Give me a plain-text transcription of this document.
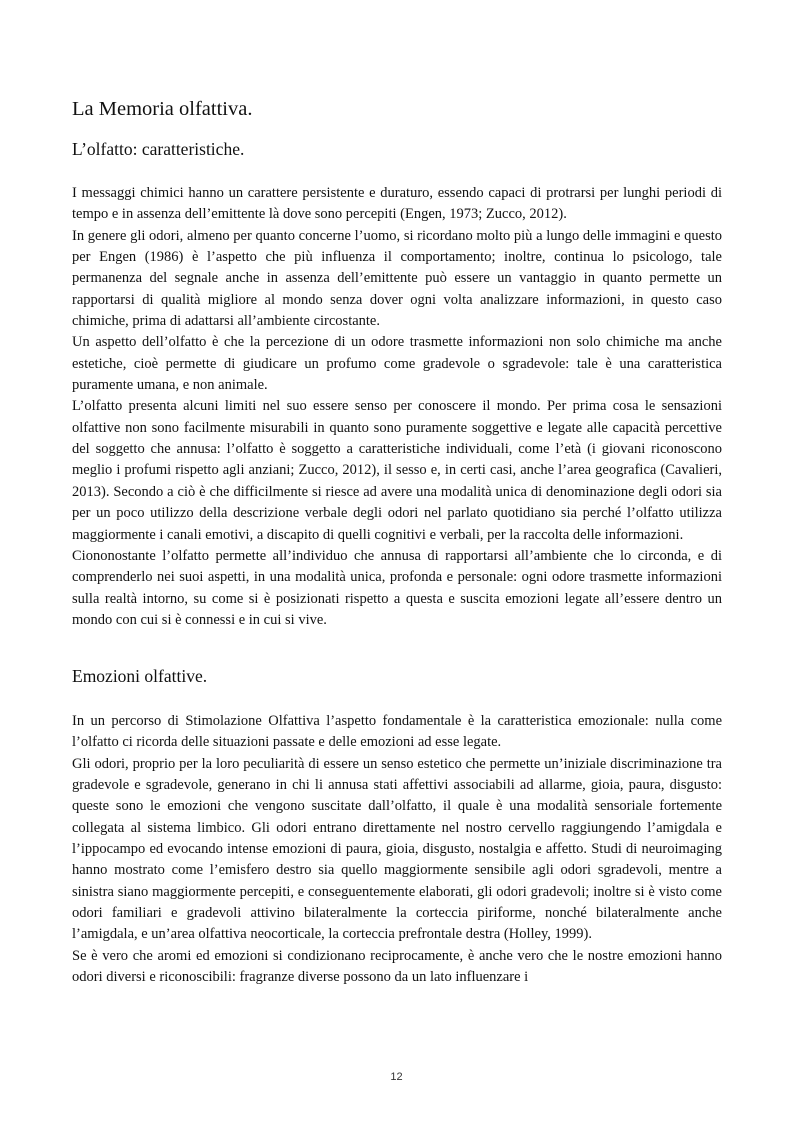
La Memoria olfattiva.
L’olfatto: caratteristiche.

I messaggi chimici hanno un carattere persistente e duraturo, essendo capaci di protrarsi per lunghi periodi di tempo e in assenza dell’emittente là dove sono percepiti (Engen, 1973; Zucco, 2012).

In genere gli odori, almeno per quanto concerne l’uomo, si ricordano molto più a lungo delle immagini e questo per Engen (1986) è l’aspetto che più influenza il comportamento; inoltre, continua lo psicologo, tale permanenza del segnale anche in assenza dell’emittente può essere un vantaggio in quanto permette un rapportarsi di qualità migliore al mondo senza dover ogni volta analizzare informazioni, in questo caso chimiche, prima di adattarsi all’ambiente circostante.

Un aspetto dell’olfatto è che la percezione di un odore trasmette informazioni non solo chimiche ma anche estetiche, cioè permette di giudicare un profumo come gradevole o sgradevole: tale è una caratteristica puramente umana, e non animale.

L’olfatto presenta alcuni limiti nel suo essere senso per conoscere il mondo. Per prima cosa le sensazioni olfattive non sono facilmente misurabili in quanto sono puramente soggettive e legate alle capacità percettive del soggetto che annusa: l’olfatto è soggetto a caratteristiche individuali, come l’età (i giovani riconoscono meglio i profumi rispetto agli anziani; Zucco, 2012), il sesso e, in certi casi, anche l’area geografica (Cavalieri, 2013). Secondo a ciò è che difficilmente si riesce ad avere una modalità unica di denominazione degli odori sia per un poco utilizzo della descrizione verbale degli odori nel parlato quotidiano sia perché l’olfatto utilizza maggiormente i canali emotivi, a discapito di quelli cognitivi e verbali, per la raccolta delle informazioni.

Ciononostante l’olfatto permette all’individuo che annusa di rapportarsi all’ambiente che lo circonda, e di comprenderlo nei suoi aspetti, in una modalità unica, profonda e personale: ogni odore trasmette informazioni sulla realtà intorno, su come si è posizionati rispetto a questa e suscita emozioni legate all’essere dentro un mondo con cui si è connessi e in cui si vive.

Emozioni olfattive.

In un percorso di Stimolazione Olfattiva l’aspetto fondamentale è la caratteristica emozionale: nulla come l’olfatto ci ricorda delle situazioni passate e delle emozioni ad esse legate.

Gli odori, proprio per la loro peculiarità di essere un senso estetico che permette un’iniziale discriminazione tra gradevole e sgradevole, generano in chi li annusa stati affettivi associabili ad allarme, gioia, paura, disgusto: queste sono le emozioni che vengono suscitate dall’olfatto, il quale è una modalità sensoriale fortemente collegata al sistema limbico. Gli odori entrano direttamente nel nostro cervello raggiungendo l’amigdala e l’ippocampo ed evocando intense emozioni di paura, gioia, disgusto, nostalgia e affetto. Studi di neuroimaging hanno mostrato come l’emisfero destro sia quello maggiormente sensibile agli odori sgradevoli, mentre a sinistra siano maggiormente percepiti, e conseguentemente elaborati, gli odori gradevoli; inoltre si è visto come odori familiari e gradevoli attivino bilateralmente la corteccia piriforme, nonché bilateralmente anche l’amigdala, e un’area olfattiva neocorticale, la corteccia prefrontale destra (Holley, 1999).

Se è vero che aromi ed emozioni si condizionano reciprocamente, è anche vero che le nostre emozioni hanno odori diversi e riconoscibili: fragranze diverse possono da un lato influenzare i

12
